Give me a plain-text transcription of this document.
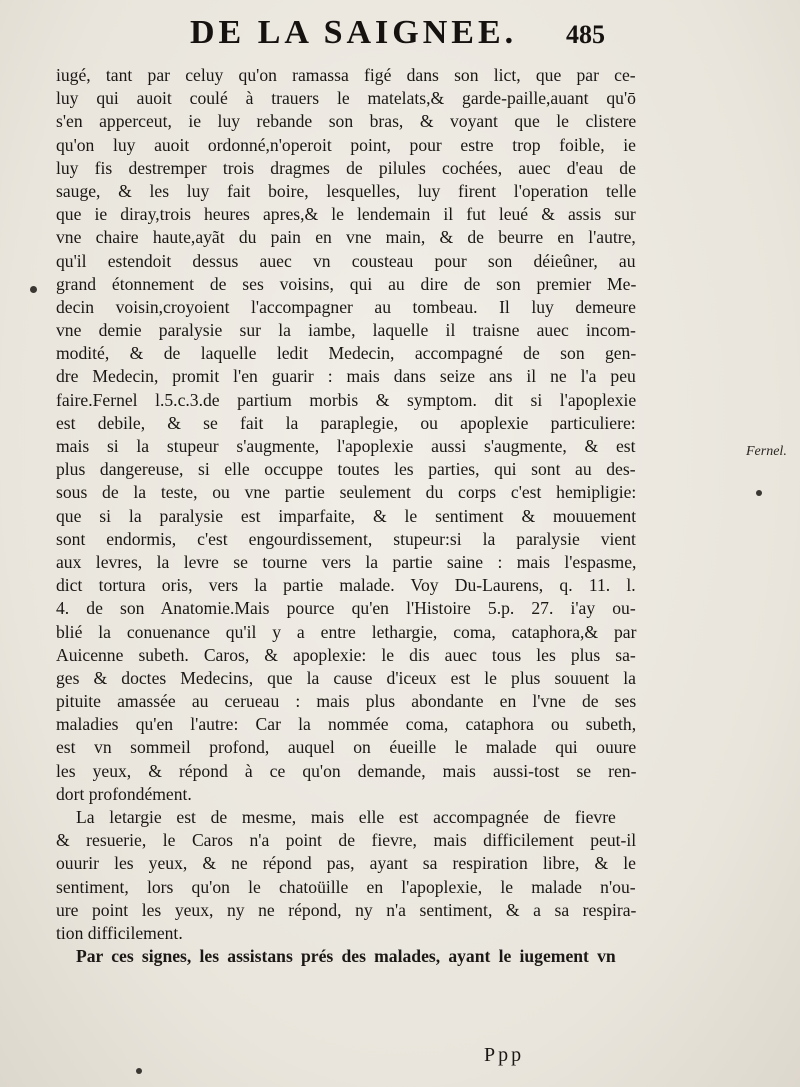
DE LA SAIGNEE. 485
iugé, tant par celuy qu'on ramassa figé dans son lict, que par ce-
luy qui auoit coulé à trauers le matelats,& garde-paille,auant qu'ō
s'en apperceut, ie luy rebande son bras, & voyant que le clistere
qu'on luy auoit ordonné,n'operoit point, pour estre trop foible, ie
luy fis destremper trois dragmes de pilules cochées, auec d'eau de
sauge, & les luy fait boire, lesquelles, luy firent l'operation telle
que ie diray,trois heures apres,& le lendemain il fut leué & assis sur
vne chaire haute,ayãt du pain en vne main, & de beurre en l'autre,
qu'il estendoit dessus auec vn cousteau pour son déieûner, au
grand étonnement de ses voisins, qui au dire de son premier Me-
decin voisin,croyoient l'accompagner au tombeau. Il luy demeure
vne demie paralysie sur la iambe, laquelle il traisne auec incom-
modité, & de laquelle ledit Medecin, accompagné de son gen-
dre Medecin, promit l'en guarir : mais dans seize ans il ne l'a peu
faire.Fernel l.5.c.3.de partium morbis & symptom. dit si l'apoplexie
est debile, & se fait la paraplegie, ou apoplexie particuliere:
mais si la stupeur s'augmente, l'apoplexie aussi s'augmente, & est
plus dangereuse, si elle occuppe toutes les parties, qui sont au des-
sous de la teste, ou vne partie seulement du corps c'est hemipligie:
que si la paralysie est imparfaite, & le sentiment & mouuement
sont endormis, c'est engourdissement, stupeur:si la paralysie vient
aux levres, la levre se tourne vers la partie saine : mais l'espasme,
dict tortura oris, vers la partie malade. Voy Du-Laurens, q. 11. l.
4. de son Anatomie.Mais pource qu'en l'Histoire 5.p. 27. i'ay ou-
blié la conuenance qu'il y a entre lethargie, coma, cataphora,& par
Auicenne subeth. Caros, & apoplexie: le dis auec tous les plus sa-
ges & doctes Medecins, que la cause d'iceux est le plus souuent la
pituite amassée au cerueau : mais plus abondante en l'vne de ses
maladies qu'en l'autre: Car la nommée coma, cataphora ou subeth,
est vn sommeil profond, auquel on éueille le malade qui ouure
les yeux, & répond à ce qu'on demande, mais aussi-tost se ren-
dort profondément.
La letargie est de mesme, mais elle est accompagnée de fievre
& resuerie, le Caros n'a point de fievre, mais difficilement peut-il
ouurir les yeux, & ne répond pas, ayant sa respiration libre, & le
sentiment, lors qu'on le chatoüille en l'apoplexie, le malade n'ou-
ure point les yeux, ny ne répond, ny n'a sentiment, & a sa respira-
tion difficilement.
Par ces signes, les assistans prés des malades, ayant le iugement vn
Fernel.
Ppp
